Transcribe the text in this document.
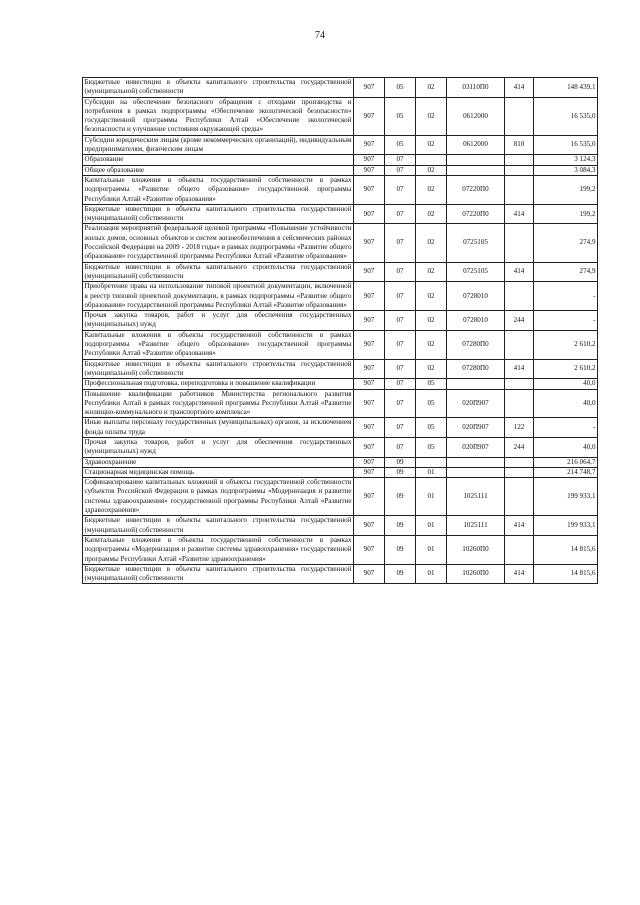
74
Бюджетные инвестиции в объекты капитального строительства государственной (муниципальной) собственности	907	05	02	03110П0	414	148 439,1
Субсидии на обеспечение безопасного обращения с отходами производства и потребления в рамках подпрограммы «Обеспечение экологической безопасности» государственной программы Республики Алтай «Обеспечение экологической безопасности и улучшение состояния окружающей среды»	907	05	02	0612000		16 535,0
Субсидии юридическим лицам (кроме некоммерческих организаций), индивидуальным предпринимателям, физическим лицам	907	05	02	0612000	810	16 535,0
Образование	907	07				3 124,3
Общее образование	907	07	02			3 084,3
Капитальные вложения в объекты государственной собственности в рамках подпрограммы «Развитие общего образования» государственной программы Республики Алтай «Развитие образования»	907	07	02	07220П0		199,2
Бюджетные инвестиции в объекты капитального строительства государственной (муниципальной) собственности	907	07	02	07220П0	414	199,2
Реализация мероприятий федеральной целевой программы «Повышение устойчивости жилых домов, основных объектов и систем жизнеобеспечения в сейсмических районах Российской Федерации на 2009 - 2018 годы» в рамках подпрограммы «Развитие общего образования» государственной программы Республики Алтай «Развитие образования»	907	07	02	0725105		274,9
Бюджетные инвестиции в объекты капитального строительства государственной (муниципальной) собственности	907	07	02	0725105	414	274,9
Приобретение права на использование типовой проектной документации, включенной в реестр типовой проектной документации, в рамках подпрограммы «Развитие общего образования» государственной программы Республики Алтай «Развитие образования»	907	07	02	0728010		-
Прочая закупка товаров, работ и услуг для обеспечения государственных (муниципальных) нужд	907	07	02	0728010	244	-
Капитальные вложения в объекты государственной собственности в рамках подпрограммы «Развитие общего образования» государственной программы Республики Алтай «Развитие образования»	907	07	02	07280П0		2 610,2
Бюджетные инвестиции в объекты капитального строительства государственной (муниципальной) собственности	907	07	02	07280П0	414	2 610,2
Профессиональная подготовка, переподготовка и повышение квалификации	907	07	05			40,0
Повышение квалификации работников Министерства регионального развития Республики Алтай в рамках государственной программы Республики Алтай «Развитие жилищно-коммунального и транспортного комплекса»	907	07	05	020П907		40,0
Иные выплаты персоналу государственных (муниципальных) органов, за исключением фонда оплаты труда	907	07	05	020П907	122	-
Прочая закупка товаров, работ и услуг для обеспечения государственных (муниципальных) нужд	907	07	05	020П907	244	40,0
Здравоохранение	907	09				216 064,7
Стационарная медицинская помощь	907	09	01			214 748,7
Софинансирование капитальных вложений в объекты государственной собственности субъектов Российской Федерации в рамках подпрограммы «Модернизация и развитие системы здравоохранения» государственной программы Республики Алтай «Развитие здравоохранения»	907	09	01	1025111		199 933,1
Бюджетные инвестиции в объекты капитального строительства государственной (муниципальной) собственности	907	09	01	1025111	414	199 933,1
Капитальные вложения в объекты государственной собственности в рамках подпрограммы «Модернизация и развитие системы здравоохранения» государственной программы Республики Алтай «Развитие здравоохранения»	907	09	01	10260П0		14 815,6
Бюджетные инвестиции в объекты капитального строительства государственной (муниципальной) собственности	907	09	01	10260П0	414	14 815,6
